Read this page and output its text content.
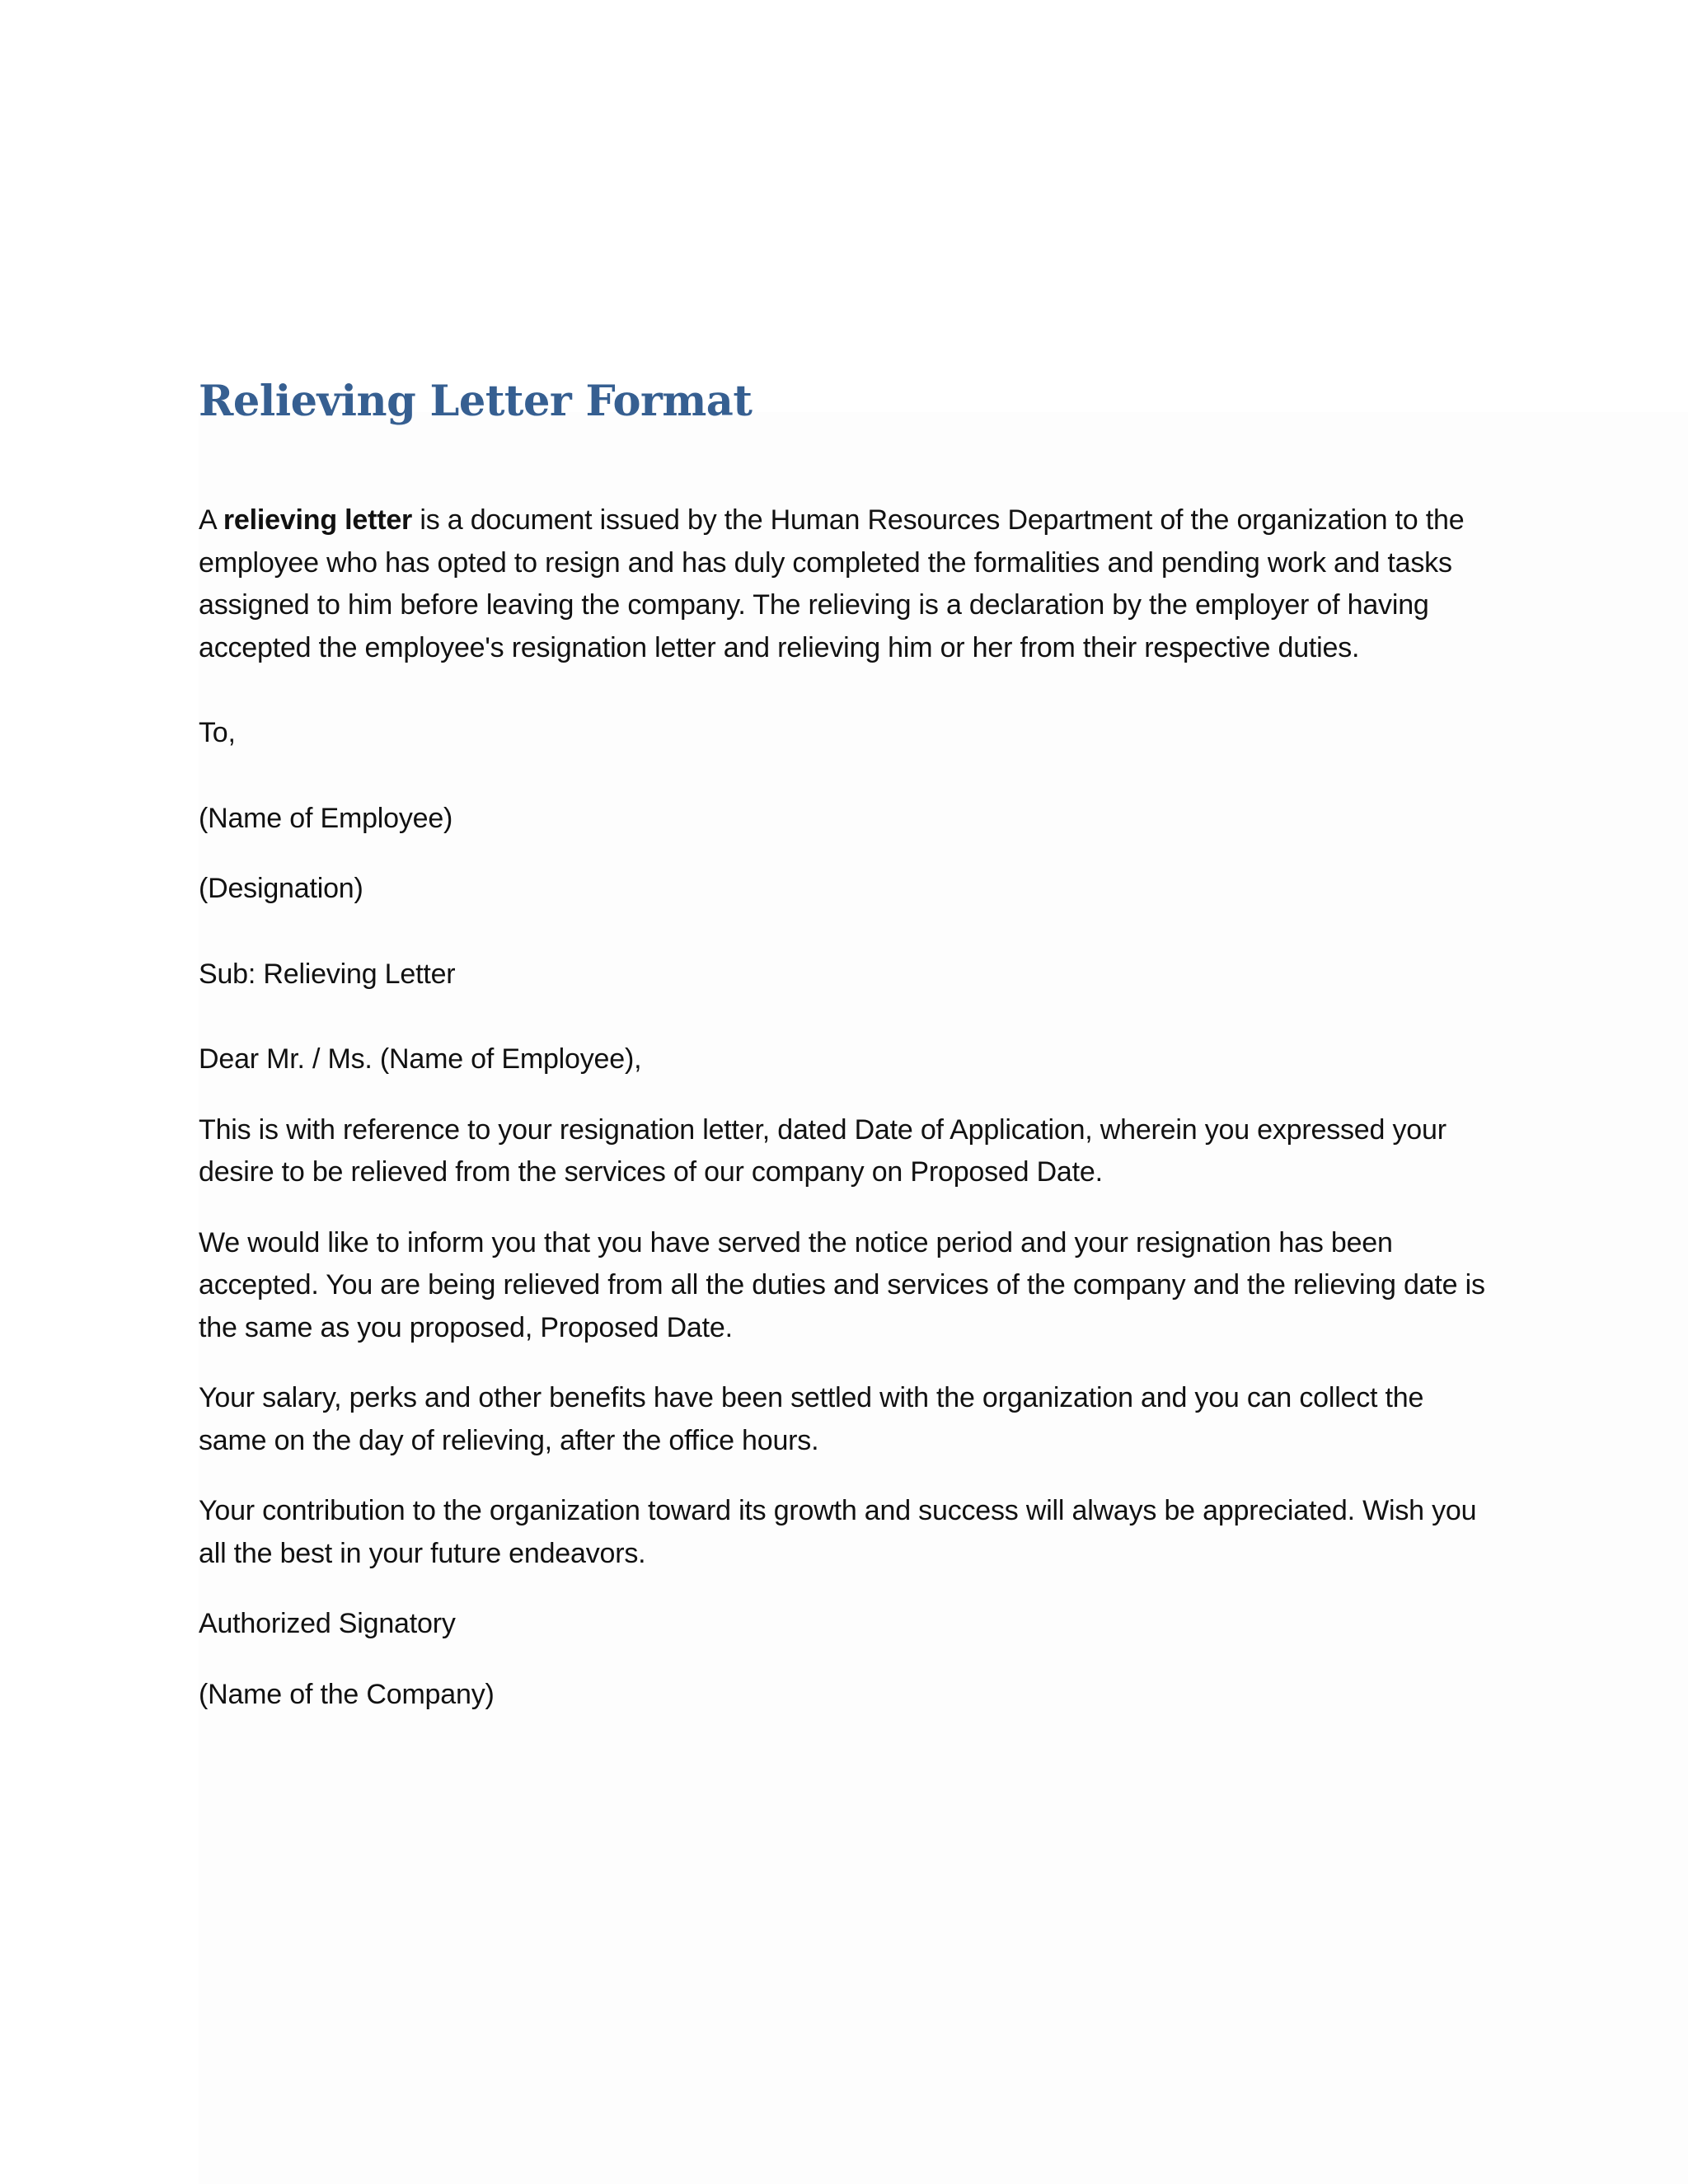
Relieving Letter Format

A relieving letter is a document issued by the Human Resources Department of the organization to the employee who has opted to resign and has duly completed the formalities and pending work and tasks assigned to him before leaving the company. The relieving is a declaration by the employer of having accepted the employee's resignation letter and relieving him or her from their respective duties.

To,

(Name of Employee)

(Designation)

Sub: Relieving Letter

Dear Mr. / Ms. (Name of Employee),

This is with reference to your resignation letter, dated Date of Application, wherein you expressed your desire to be relieved from the services of our company on Proposed Date.

We would like to inform you that you have served the notice period and your resignation has been accepted. You are being relieved from all the duties and services of the company and the relieving date is the same as you proposed, Proposed Date.

Your salary, perks and other benefits have been settled with the organization and you can collect the same on the day of relieving, after the office hours.

Your contribution to the organization toward its growth and success will always be appreciated. Wish you all the best in your future endeavors.

Authorized Signatory

(Name of the Company)
